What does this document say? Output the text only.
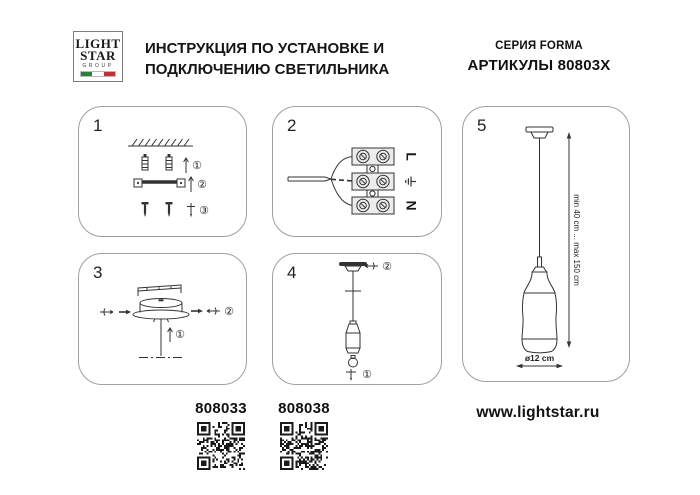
LIGHT
STAR
GROUP
ИНСТРУКЦИЯ ПО УСТАНОВКЕ И
ПОДКЛЮЧЕНИЮ СВЕТИЛЬНИКА
СЕРИЯ FORMA
АРТИКУЛЫ 80803X
1
①
②
③
2
L
N
3
②
①
4	②
①
5
min 40 cm ... max 150 cm
ø12 cm
808033	808038	www.lightstar.ru
